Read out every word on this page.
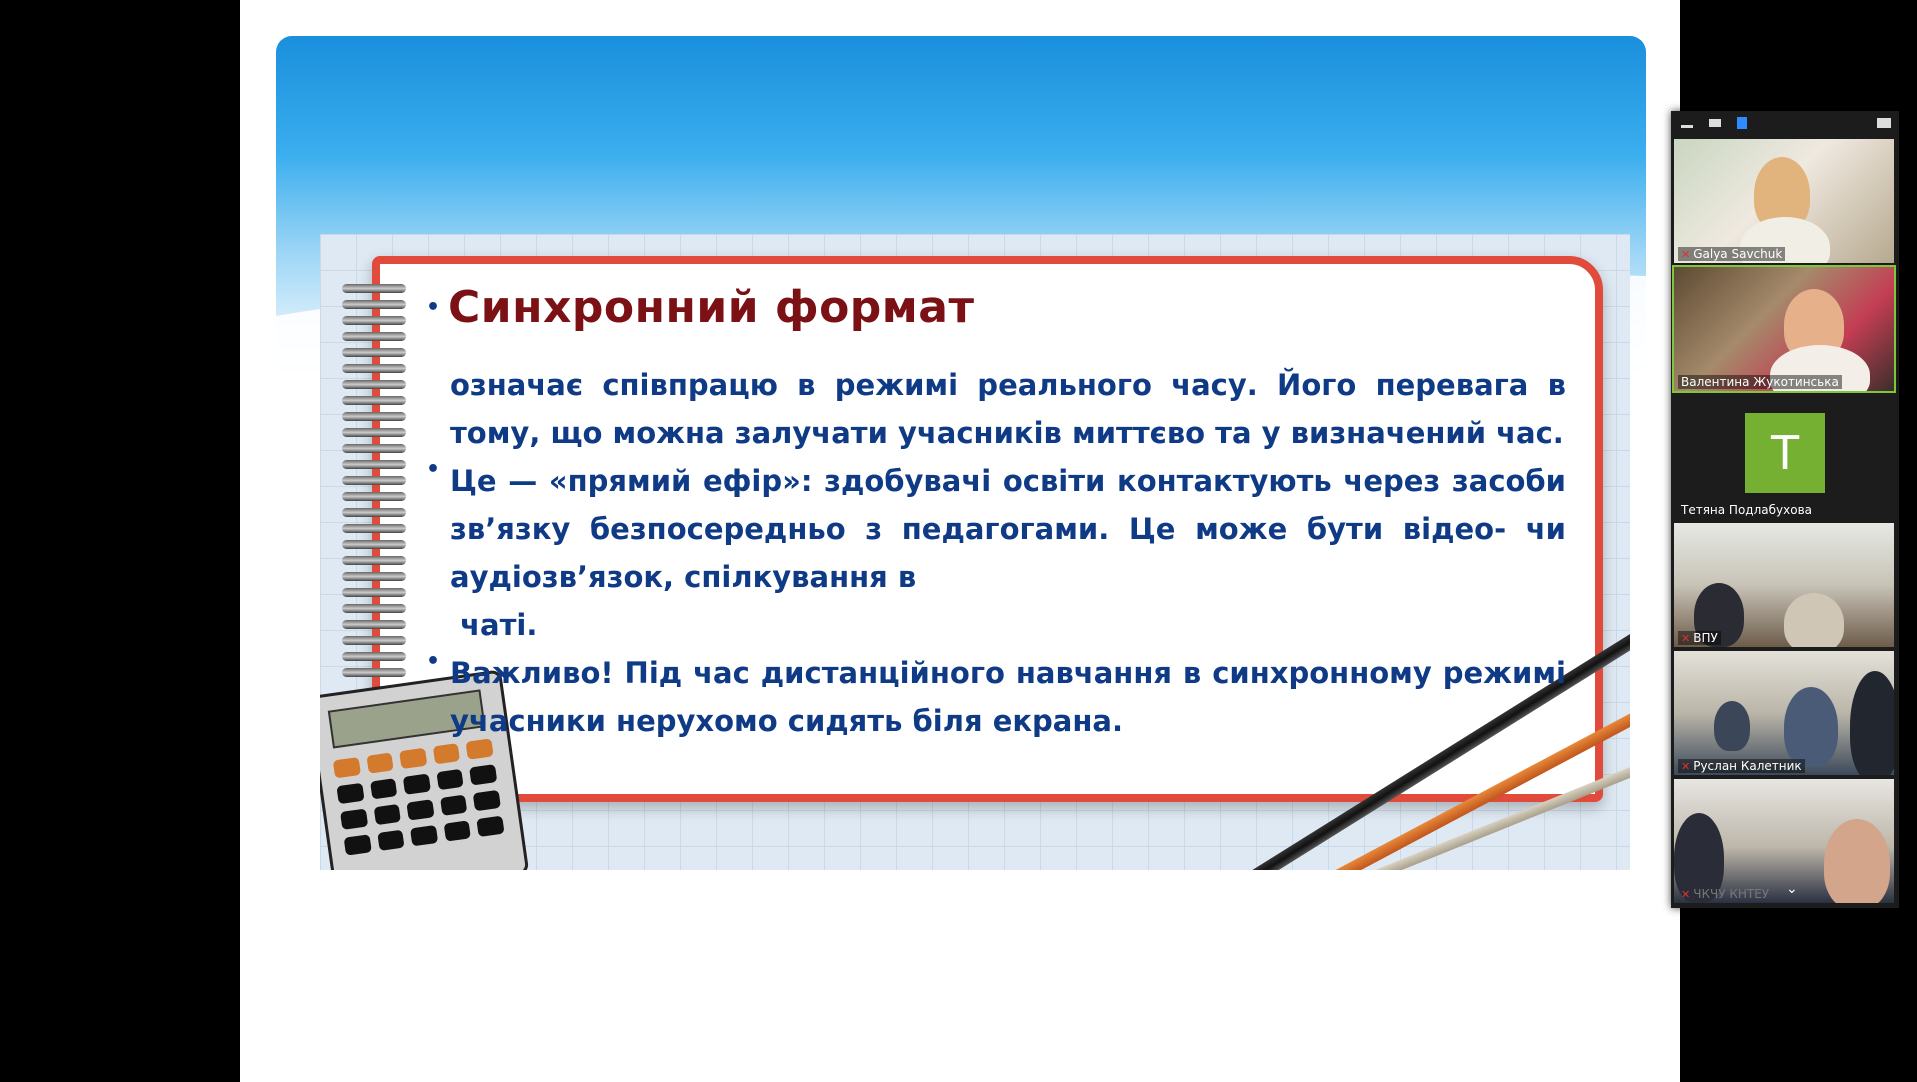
• Синхронний формат
означає співпрацю в режимі реального часу. Його перевага в тому, що можна залучати учасників миттєво та у визначений час.
• Це — «прямий ефір»: здобувачі освіти контактують через засоби зв’язку безпосередньо з педагогами. Це може бути відео- чи аудіозв’язок, спілкування в
чаті.
• Важливо! Під час дистанційного навчання в синхронному режимі учасники нерухомо сидять біля екрана.
✕ Galya Savchuk
Валентина Жукотинська
T
Тетяна Подлабухова
✕ ВПУ
✕ Руслан Калетник
✕ ЧКЧУ КНТЕУ ⌄
